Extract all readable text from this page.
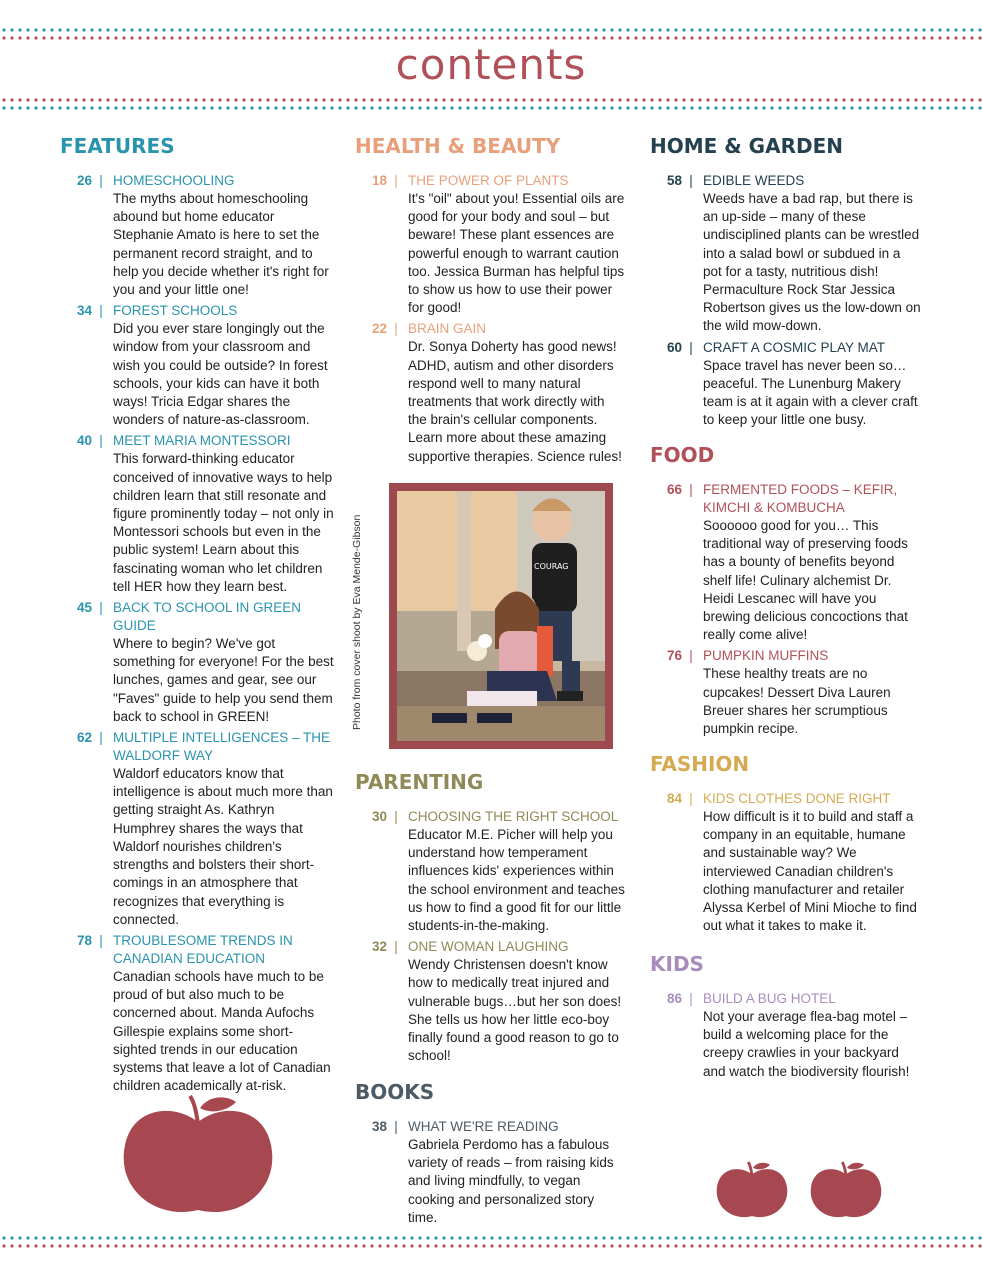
contents
FEATURES
26 | HOMESCHOOLING
The myths about homeschooling abound but home educator Stephanie Amato is here to set the permanent record straight, and to help you decide whether it's right for you and your little one!
34 | FOREST SCHOOLS
Did you ever stare longingly out the window from your classroom and wish you could be outside? In forest schools, your kids can have it both ways! Tricia Edgar shares the wonders of nature-as-classroom.
40 | MEET MARIA MONTESSORI
This forward-thinking educator conceived of innovative ways to help children learn that still resonate and figure prominently today – not only in Montessori schools but even in the public system! Learn about this fascinating woman who let children tell HER how they learn best.
45 | BACK TO SCHOOL IN GREEN GUIDE
Where to begin? We've got something for everyone! For the best lunches, games and gear, see our "Faves" guide to help you send them back to school in GREEN!
62 | MULTIPLE INTELLIGENCES – THE WALDORF WAY
Waldorf educators know that intelligence is about much more than getting straight As. Kathryn Humphrey shares the ways that Waldorf nourishes children's strengths and bolsters their short-comings in an atmosphere that recognizes that everything is connected.
78 | TROUBLESOME TRENDS IN CANADIAN EDUCATION
Canadian schools have much to be proud of but also much to be concerned about. Manda Aufochs Gillespie explains some short-sighted trends in our education systems that leave a lot of Canadian children academically at-risk.
HEALTH & BEAUTY
18 | THE POWER OF PLANTS
It's "oil" about you! Essential oils are good for your body and soul – but beware! These plant essences are powerful enough to warrant caution too. Jessica Burman has helpful tips to show us how to use their power for good!
22 | BRAIN GAIN
Dr. Sonya Doherty has good news! ADHD, autism and other disorders respond well to many natural treatments that work directly with the brain's cellular components. Learn more about these amazing supportive therapies. Science rules!
Photo from cover shoot by Eva Mende-Gibson	COURAG
PARENTING
30 | CHOOSING THE RIGHT SCHOOL
Educator M.E. Picher will help you understand how temperament influences kids' experiences within the school environment and teaches us how to find a good fit for our little students-in-the-making.
32 | ONE WOMAN LAUGHING
Wendy Christensen doesn't know how to medically treat injured and vulnerable bugs…but her son does! She tells us how her little eco-boy finally found a good reason to go to school!
BOOKS
38 | WHAT WE'RE READING
Gabriela Perdomo has a fabulous variety of reads – from raising kids and living mindfully, to vegan cooking and personalized story time.
HOME & GARDEN
58 | EDIBLE WEEDS
Weeds have a bad rap, but there is an up-side – many of these undisciplined plants can be wrestled into a salad bowl or subdued in a pot for a tasty, nutritious dish! Permaculture Rock Star Jessica Robertson gives us the low-down on the wild mow-down.
60 | CRAFT A COSMIC PLAY MAT
Space travel has never been so… peaceful. The Lunenburg Makery team is at it again with a clever craft to keep your little one busy.
FOOD
66 | FERMENTED FOODS – KEFIR, KIMCHI & KOMBUCHA
Soooooo good for you… This traditional way of preserving foods has a bounty of benefits beyond shelf life! Culinary alchemist Dr. Heidi Lescanec will have you brewing delicious concoctions that really come alive!
76 | PUMPKIN MUFFINS
These healthy treats are no cupcakes! Dessert Diva Lauren Breuer shares her scrumptious pumpkin recipe.
FASHION
84 | KIDS CLOTHES DONE RIGHT
How difficult is it to build and staff a company in an equitable, humane and sustainable way? We interviewed Canadian children's clothing manufacturer and retailer Alyssa Kerbel of Mini Mioche to find out what it takes to make it.
KIDS
86 | BUILD A BUG HOTEL
Not your average flea-bag motel – build a welcoming place for the creepy crawlies in your backyard and watch the biodiversity flourish!
